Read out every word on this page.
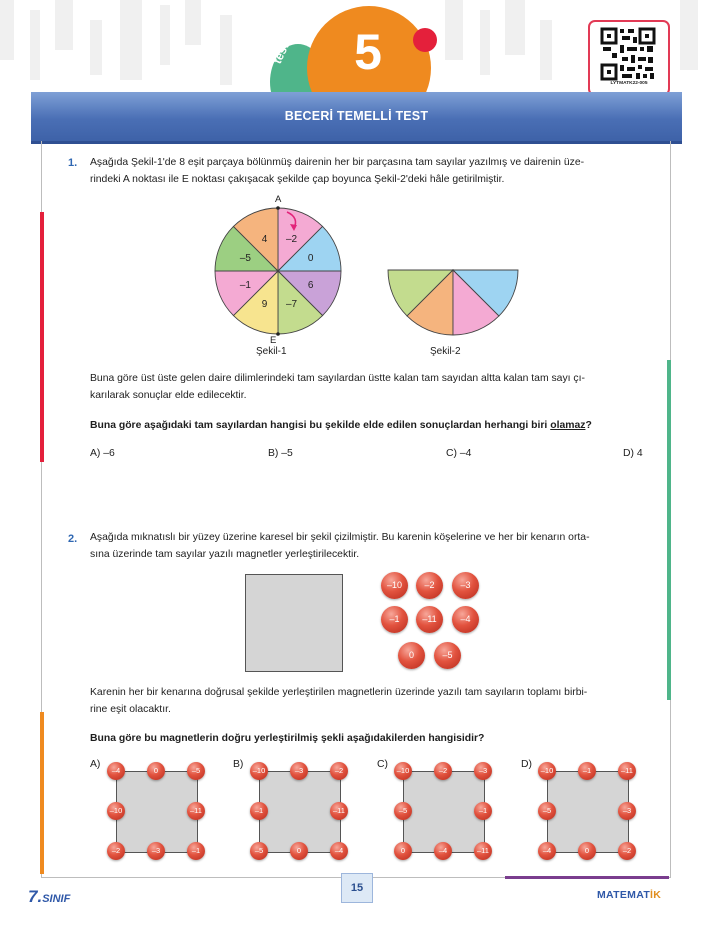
test	5
LYTMATK22-005
BECERİ TEMELLİ TEST
1. Aşağıda Şekil-1'de 8 eşit parçaya bölünmüş dairenin her bir parçasına tam sayılar yazılmış ve dairenin üze-
rindeki A noktası ile E noktası çakışacak şekilde çap boyunca Şekil-2'deki hâle getirilmiştir.
–2
0
6
–7
9
–1
–5
4
A
E
Şekil-1	Şekil-2
Buna göre üst üste gelen daire dilimlerindeki tam sayılardan üstte kalan tam sayıdan altta kalan tam sayı çı-
karılarak sonuçlar elde edilecektir.
Buna göre aşağıdaki tam sayılardan hangisi bu şekilde elde edilen sonuçlardan herhangi biri olamaz?
A) –6	B) –5	C) –4	D) 4
2. Aşağıda mıknatıslı bir yüzey üzerine karesel bir şekil çizilmiştir. Bu karenin köşelerine ve her bir kenarın orta-
sına üzerinde tam sayılar yazılı magnetler yerleştirilecektir.
–10	–2	–3
–1	–11	–4
0	–5
Karenin her bir kenarına doğrusal şekilde yerleştirilen magnetlerin üzerinde yazılı tam sayıların toplamı birbi-
rine eşit olacaktır.
Buna göre bu magnetlerin doğru yerleştirilmiş şekli aşağıdakilerden hangisidir?
A)
–4	0	–5
–10	–11
–2	–3	–1
B)
–10	–3	–2
–1	–11
–5	0	–4
C)
–10	–2	–3
–5	–1
0	–4	–11
D)
–10	–1	–11
–5	–3
–4	0	–2
7.SINIF
15
MATEMATİK
